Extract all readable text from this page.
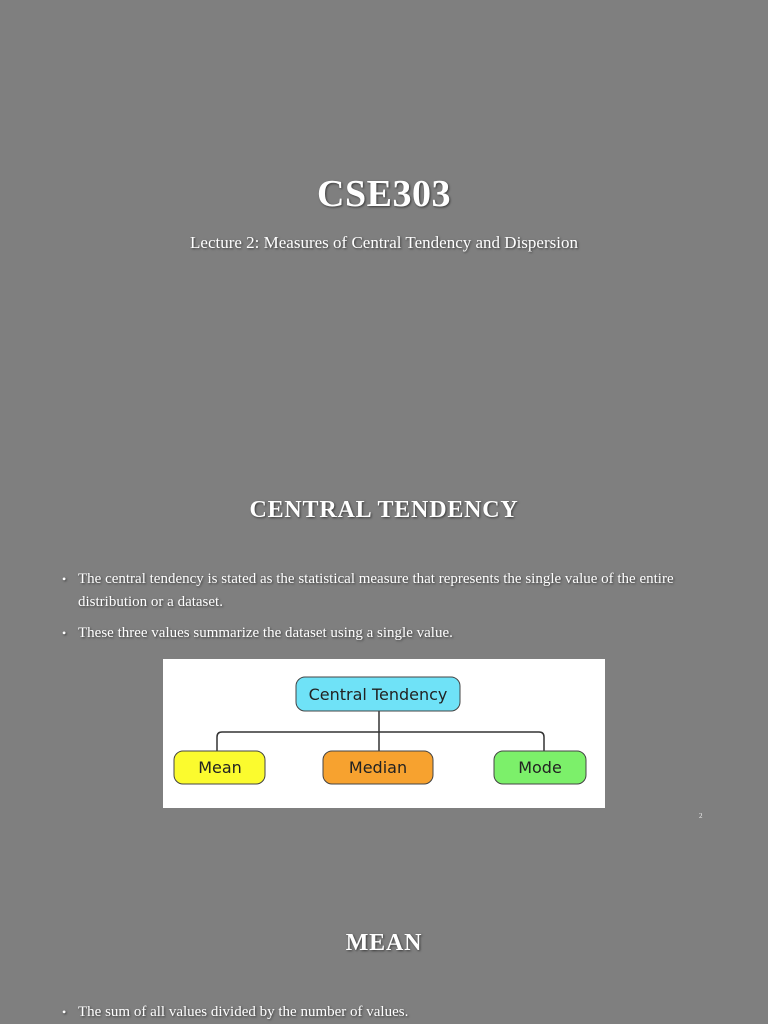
CSE303
Lecture 2: Measures of Central Tendency and Dispersion
CENTRAL TENDENCY
• The central tendency is stated as the statistical measure that represents the single value of the entire distribution or a dataset.
• These three values summarize the dataset using a single value.
Central Tendency
Mean	Median	Mode
2
MEAN
• The sum of all values divided by the number of values.
